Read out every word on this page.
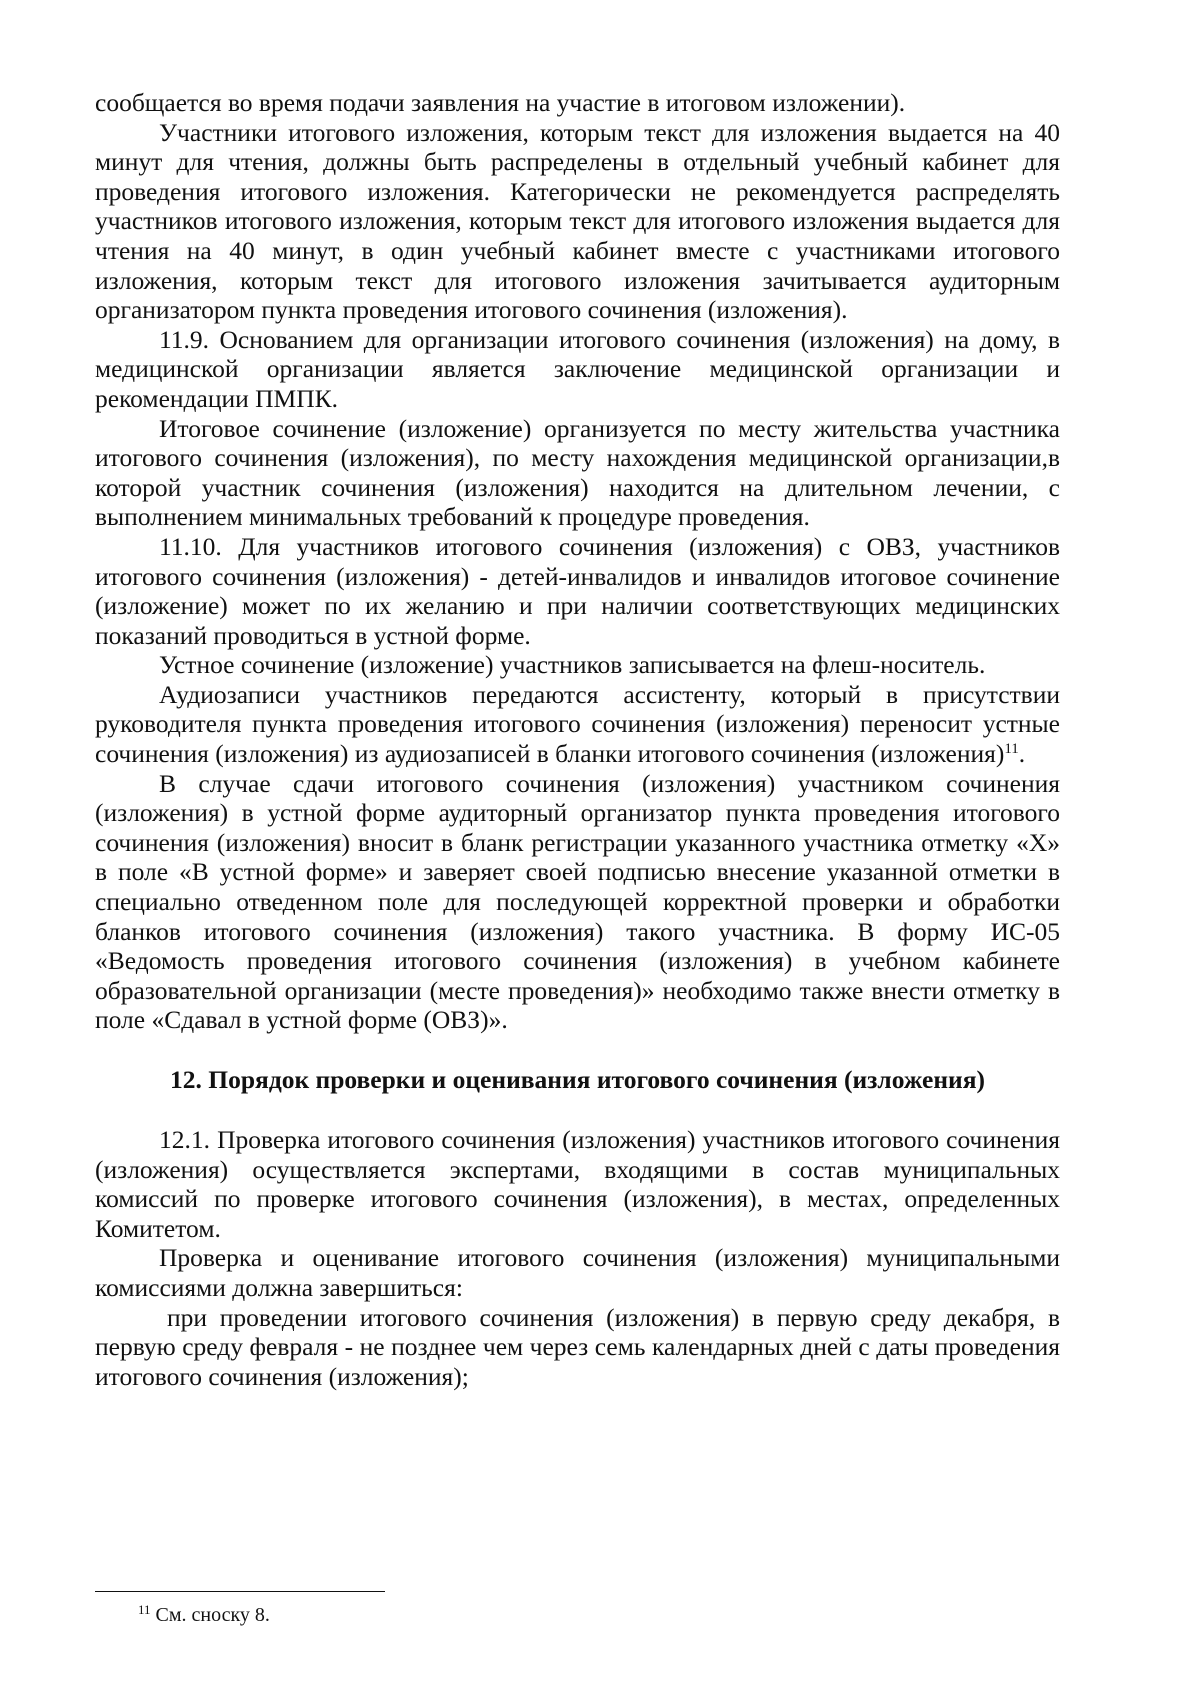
сообщается во время подачи заявления на участие в итоговом изложении).

Участники итогового изложения, которым текст для изложения выдается на 40 минут для чтения, должны быть распределены в отдельный учебный кабинет для проведения итогового изложения. Категорически не рекомендуется распределять участников итогового изложения, которым текст для итогового изложения выдается для чтения на 40 минут, в один учебный кабинет вместе с участниками итогового изложения, которым текст для итогового изложения зачитывается аудиторным организатором пункта проведения итогового сочинения (изложения).

11.9. Основанием для организации итогового сочинения (изложения) на дому, в медицинской организации является заключение медицинской организации и рекомендации ПМПК.

Итоговое сочинение (изложение) организуется по месту жительства участника итогового сочинения (изложения), по месту нахождения медицинской организации,в которой участник сочинения (изложения) находится на длительном лечении, с выполнением минимальных требований к процедуре проведения.

11.10. Для участников итогового сочинения (изложения) с ОВЗ, участников итогового сочинения (изложения) - детей-инвалидов и инвалидов итоговое сочинение (изложение) может по их желанию и при наличии соответствующих медицинских показаний проводиться в устной форме.

Устное сочинение (изложение) участников записывается на флеш-носитель.

Аудиозаписи участников передаются ассистенту, который в присутствии руководителя пункта проведения итогового сочинения (изложения) переносит устные сочинения (изложения) из аудиозаписей в бланки итогового сочинения (изложения)$^{11}$.

В случае сдачи итогового сочинения (изложения) участником сочинения (изложения) в устной форме аудиторный организатор пункта проведения итогового сочинения (изложения) вносит в бланк регистрации указанного участника отметку «Х» в поле «В устной форме» и заверяет своей подписью внесение указанной отметки в специально отведенном поле для последующей корректной проверки и обработки бланков итогового сочинения (изложения) такого участника. В форму ИС-05 «Ведомость проведения итогового сочинения (изложения) в учебном кабинете образовательной организации (месте проведения)» необходимо также внести отметку в поле «Сдавал в устной форме (ОВЗ)».

12. Порядок проверки и оценивания итогового сочинения (изложения)

12.1. Проверка итогового сочинения (изложения) участников итогового сочинения (изложения) осуществляется экспертами, входящими в состав муниципальных комиссий по проверке итогового сочинения (изложения), в местах, определенных Комитетом.

Проверка и оценивание итогового сочинения (изложения) муниципальными комиссиями должна завершиться:

при проведении итогового сочинения (изложения) в первую среду декабря, в первую среду февраля - не позднее чем через семь календарных дней с даты проведения итогового сочинения (изложения);

$^{11}$ См. сноску 8.
